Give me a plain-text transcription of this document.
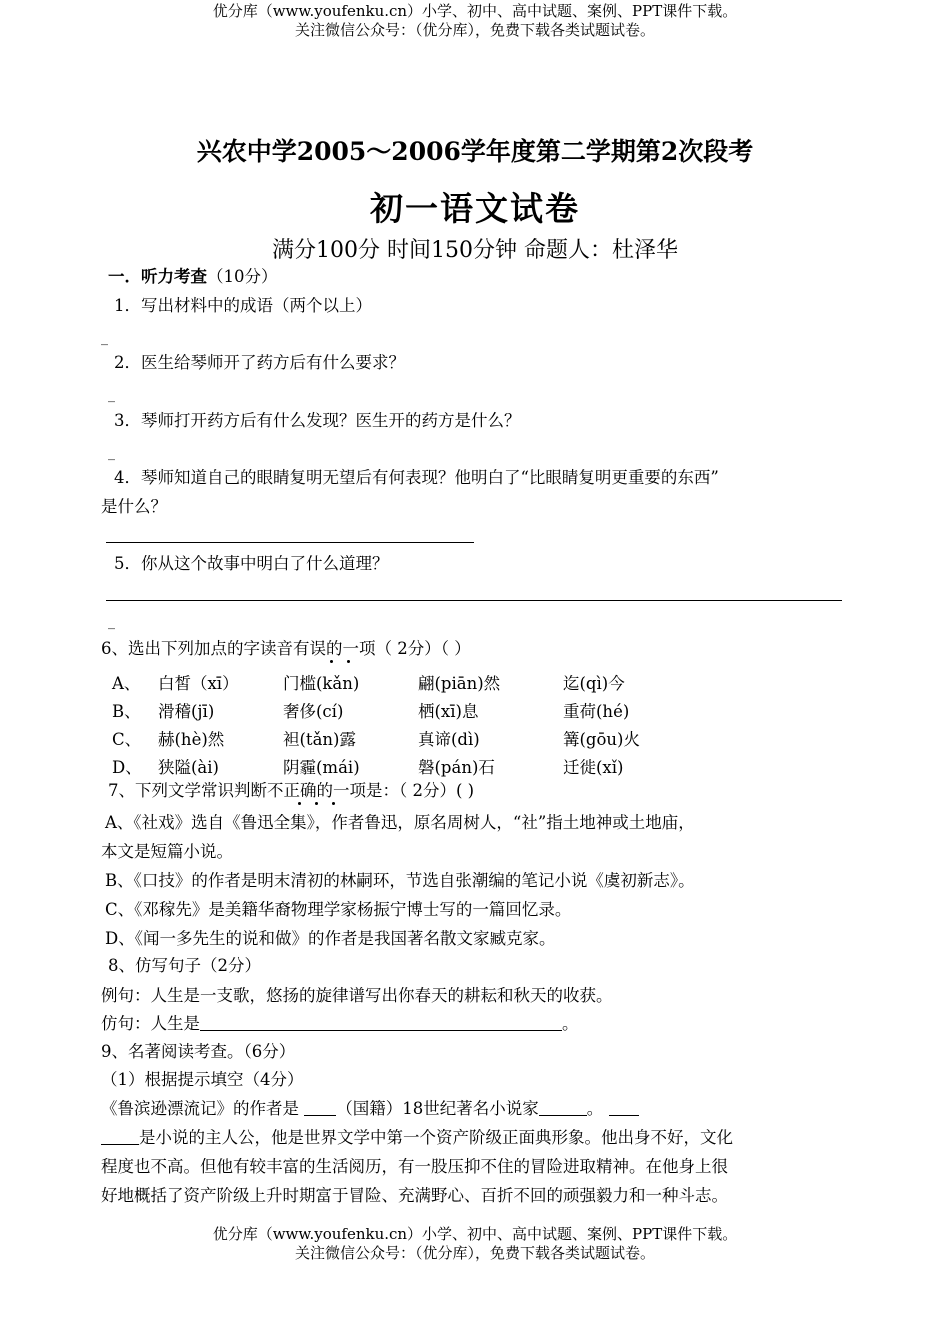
优分库（www.youfenku.cn）小学、初中、高中试题、案例、PPT课件下载。
关注微信公众号：（优分库），免费下载各类试题试卷。
兴农中学2005～2006学年度第二学期第2次段考
初一语文试卷
满分100分 时间150分钟 命题人：杜泽华
一．听力考查（10分）
1．写出材料中的成语（两个以上）
_
2．医生给琴师开了药方后有什么要求？
_
3．琴师打开药方后有什么发现？医生开的药方是什么？
_
4．琴师知道自己的眼睛复明无望后有何表现？他明白了“比眼睛复明更重要的东西”
是什么？
5．你从这个故事中明白了什么道理？
_
6、选出下列加点的字读音有误的一项（ 2分）（ ）
A、 白皙（xī）	门槛(kǎn)	翩(piān)然	迄(qì)今
B、 滑稽(jī)	奢侈(cí)	栖(xī)息	重荷(hé)
C、 赫(hè)然	袒(tǎn)露	真谛(dì)	篝(gōu)火
D、 狭隘(ài)	阴霾(mái)	磐(pán)石	迁徙(xǐ)
7、下列文学常识判断不正确的一项是：（ 2分）( )
A、《社戏》选自《鲁迅全集》，作者鲁迅，原名周树人，“社”指土地神或土地庙，
本文是短篇小说。
B、《口技》的作者是明末清初的林嗣环，节选自张潮编的笔记小说《虞初新志》。
C、《邓稼先》是美籍华裔物理学家杨振宁博士写的一篇回忆录。
D、《闻一多先生的说和做》的作者是我国著名散文家臧克家。
8、仿写句子（2分）
例句：人生是一支歌，悠扬的旋律谱写出你春天的耕耘和秋天的收获。
仿句：人生是	。
9、名著阅读考查。（6分）
（1）根据提示填空（4分）
《鲁滨逊漂流记》的作者是 （国籍）18世纪著名小说家	。
是小说的主人公，他是世界文学中第一个资产阶级正面典形象。他出身不好，文化
程度也不高。但他有较丰富的生活阅历，有一股压抑不住的冒险进取精神。在他身上很
好地概括了资产阶级上升时期富于冒险、充满野心、百折不回的顽强毅力和一种斗志。
优分库（www.youfenku.cn）小学、初中、高中试题、案例、PPT课件下载。
关注微信公众号：（优分库），免费下载各类试题试卷。
